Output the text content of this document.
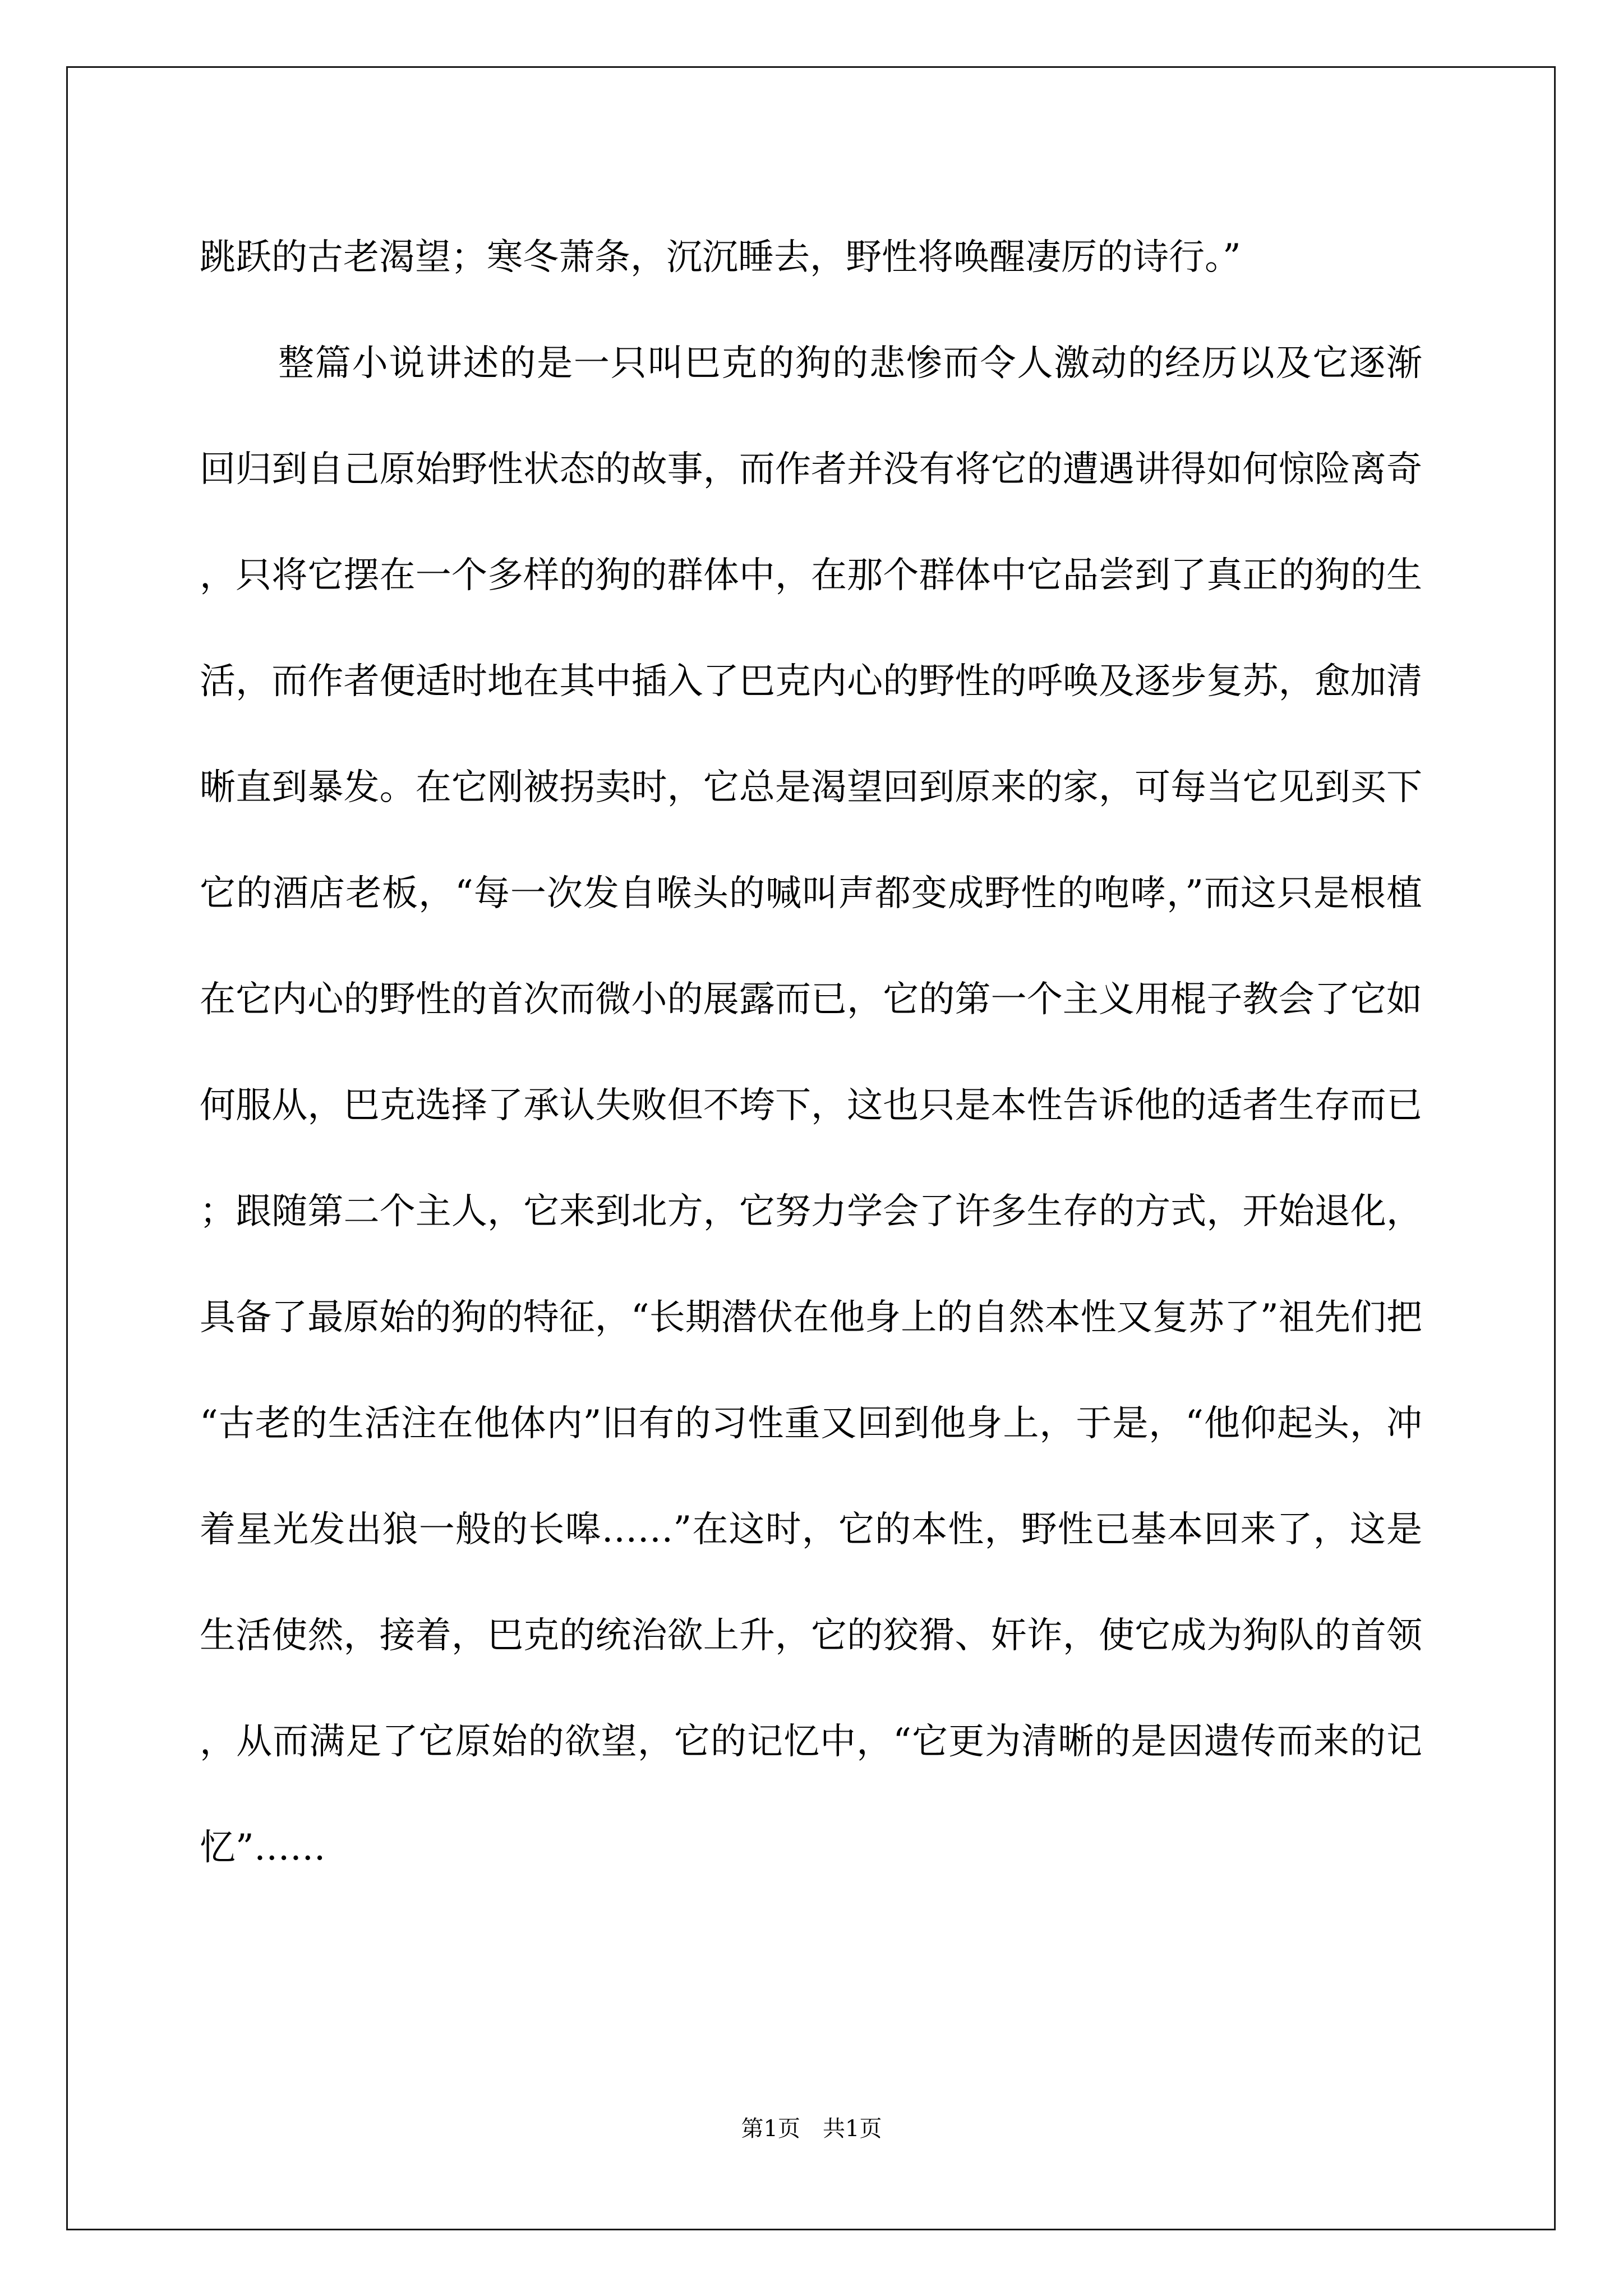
跳跃的古老渴望；寒冬萧条，沉沉睡去，野性将唤醒凄厉的诗行。”

整篇小说讲述的是一只叫巴克的狗的悲惨而令人激动的经历以及它逐渐回归到自己原始野性状态的故事，而作者并没有将它的遭遇讲得如何惊险离奇，只将它摆在一个多样的狗的群体中，在那个群体中它品尝到了真正的狗的生活，而作者便适时地在其中插入了巴克内心的野性的呼唤及逐步复苏，愈加清晰直到暴发。在它刚被拐卖时，它总是渴望回到原来的家，可每当它见到买下它的酒店老板，“每一次发自喉头的喊叫声都变成野性的咆哮，”而这只是根植在它内心的野性的首次而微小的展露而已，它的第一个主义用棍子教会了它如何服从，巴克选择了承认失败但不垮下，这也只是本性告诉他的适者生存而已；跟随第二个主人，它来到北方，它努力学会了许多生存的方式，开始退化，具备了最原始的狗的特征，“长期潜伏在他身上的自然本性又复苏了”祖先们把“古老的生活注在他体内”旧有的习性重又回到他身上，于是，“他仰起头，冲着星光发出狼一般的长嗥……”在这时，它的本性，野性已基本回来了，这是生活使然，接着，巴克的统治欲上升，它的狡猾、奸诈，使它成为狗队的首领，从而满足了它原始的欲望，它的记忆中，“它更为清晰的是因遗传而来的记忆”……

第1页 共1页
